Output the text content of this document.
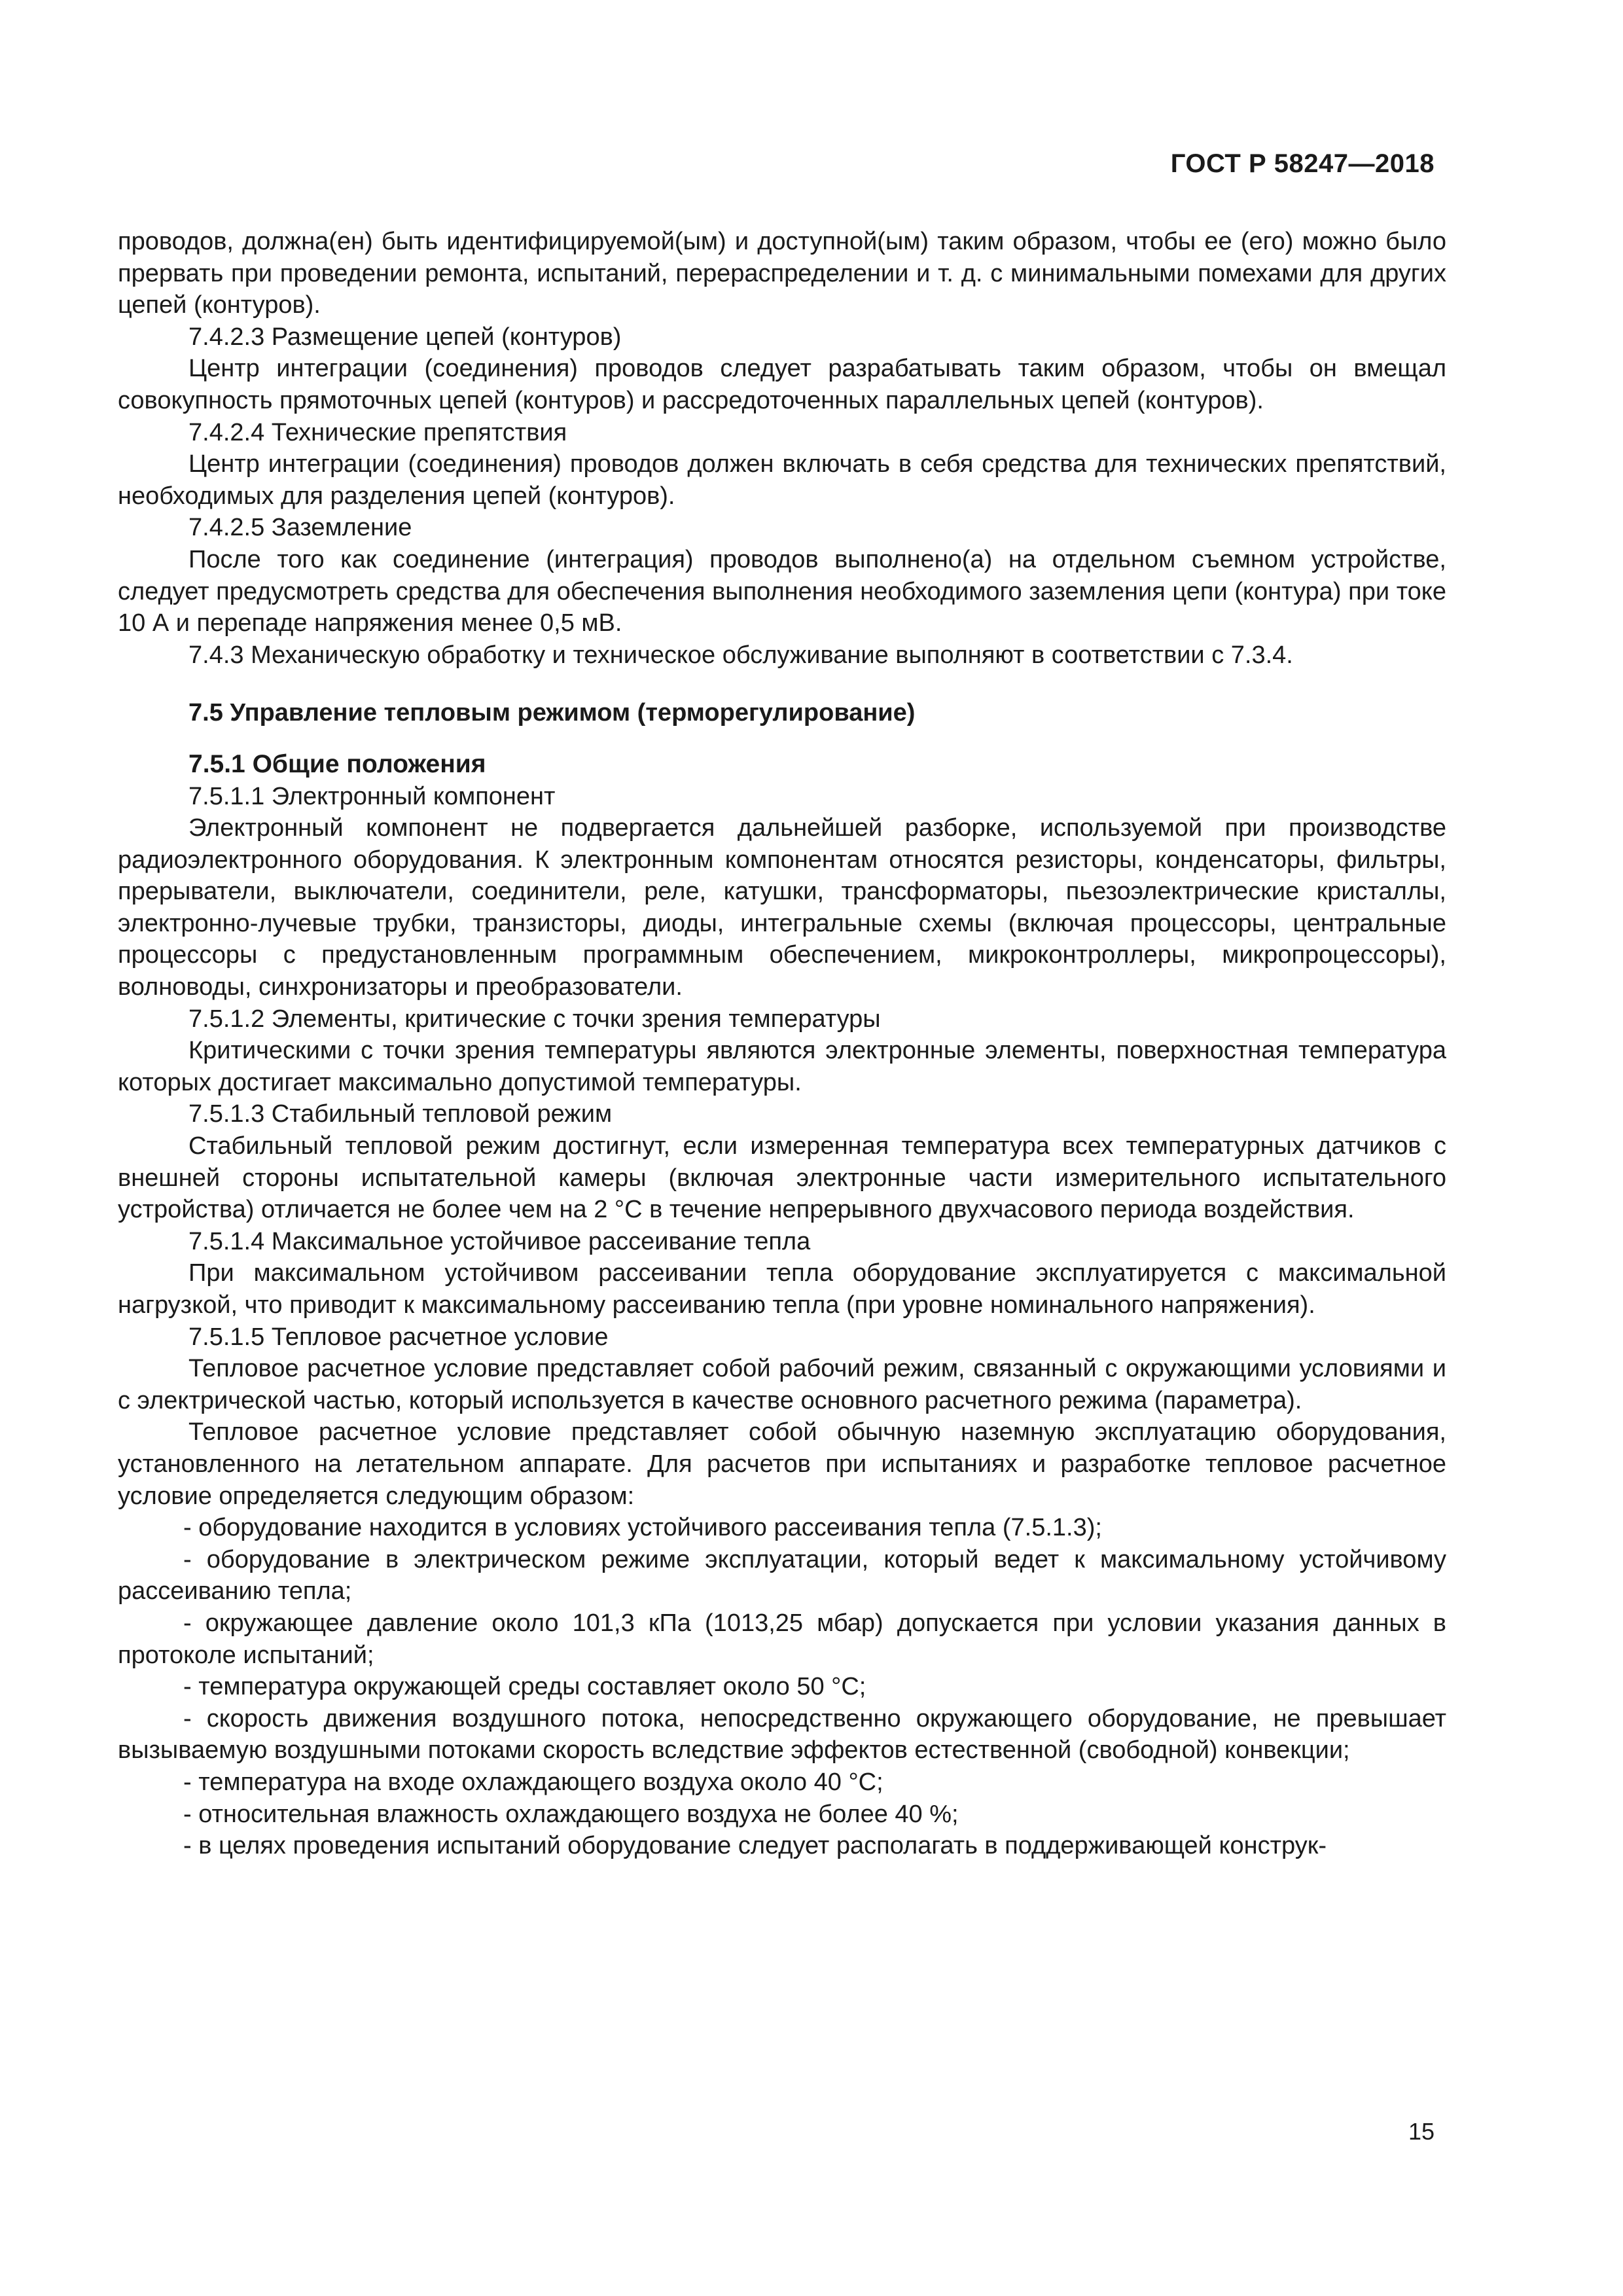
ГОСТ Р 58247—2018

проводов, должна(ен) быть идентифицируемой(ым) и доступной(ым) таким образом, чтобы ее (его) можно было прервать при проведении ремонта, испытаний, перераспределении и т. д. с минимальными помехами для других цепей (контуров).

7.4.2.3 Размещение цепей (контуров)

Центр интеграции (соединения) проводов следует разрабатывать таким образом, чтобы он вмещал совокупность прямоточных цепей (контуров) и рассредоточенных параллельных цепей (контуров).

7.4.2.4 Технические препятствия

Центр интеграции (соединения) проводов должен включать в себя средства для технических препятствий, необходимых для разделения цепей (контуров).

7.4.2.5 Заземление

После того как соединение (интеграция) проводов выполнено(а) на отдельном съемном устройстве, следует предусмотреть средства для обеспечения выполнения необходимого заземления цепи (контура) при токе 10 А и перепаде напряжения менее 0,5 мВ.

7.4.3 Механическую обработку и техническое обслуживание выполняют в соответствии с 7.3.4.

7.5 Управление тепловым режимом (терморегулирование)

7.5.1 Общие положения

7.5.1.1 Электронный компонент

Электронный компонент не подвергается дальнейшей разборке, используемой при производстве радиоэлектронного оборудования. К электронным компонентам относятся резисторы, конденсаторы, фильтры, прерыватели, выключатели, соединители, реле, катушки, трансформаторы, пьезоэлектрические кристаллы, электронно-лучевые трубки, транзисторы, диоды, интегральные схемы (включая процессоры, центральные процессоры с предустановленным программным обеспечением, микроконтроллеры, микропроцессоры), волноводы, синхронизаторы и преобразователи.

7.5.1.2 Элементы, критические с точки зрения температуры

Критическими с точки зрения температуры являются электронные элементы, поверхностная температура которых достигает максимально допустимой температуры.

7.5.1.3 Стабильный тепловой режим

Стабильный тепловой режим достигнут, если измеренная температура всех температурных датчиков с внешней стороны испытательной камеры (включая электронные части измерительного испытательного устройства) отличается не более чем на 2 °С в течение непрерывного двухчасового периода воздействия.

7.5.1.4 Максимальное устойчивое рассеивание тепла

При максимальном устойчивом рассеивании тепла оборудование эксплуатируется с максимальной нагрузкой, что приводит к максимальному рассеиванию тепла (при уровне номинального напряжения).

7.5.1.5 Тепловое расчетное условие

Тепловое расчетное условие представляет собой рабочий режим, связанный с окружающими условиями и с электрической частью, который используется в качестве основного расчетного режима (параметра).

Тепловое расчетное условие представляет собой обычную наземную эксплуатацию оборудования, установленного на летательном аппарате. Для расчетов при испытаниях и разработке тепловое расчетное условие определяется следующим образом:

- оборудование находится в условиях устойчивого рассеивания тепла (7.5.1.3);

- оборудование в электрическом режиме эксплуатации, который ведет к максимальному устойчивому рассеиванию тепла;

- окружающее давление около 101,3 кПа (1013,25 мбар) допускается при условии указания данных в протоколе испытаний;

- температура окружающей среды составляет около 50 °С;

- скорость движения воздушного потока, непосредственно окружающего оборудование, не превышает вызываемую воздушными потоками скорость вследствие эффектов естественной (свободной) конвекции;

- температура на входе охлаждающего воздуха около 40 °С;

- относительная влажность охлаждающего воздуха не более 40 %;

- в целях проведения испытаний оборудование следует располагать в поддерживающей конструк-

15
